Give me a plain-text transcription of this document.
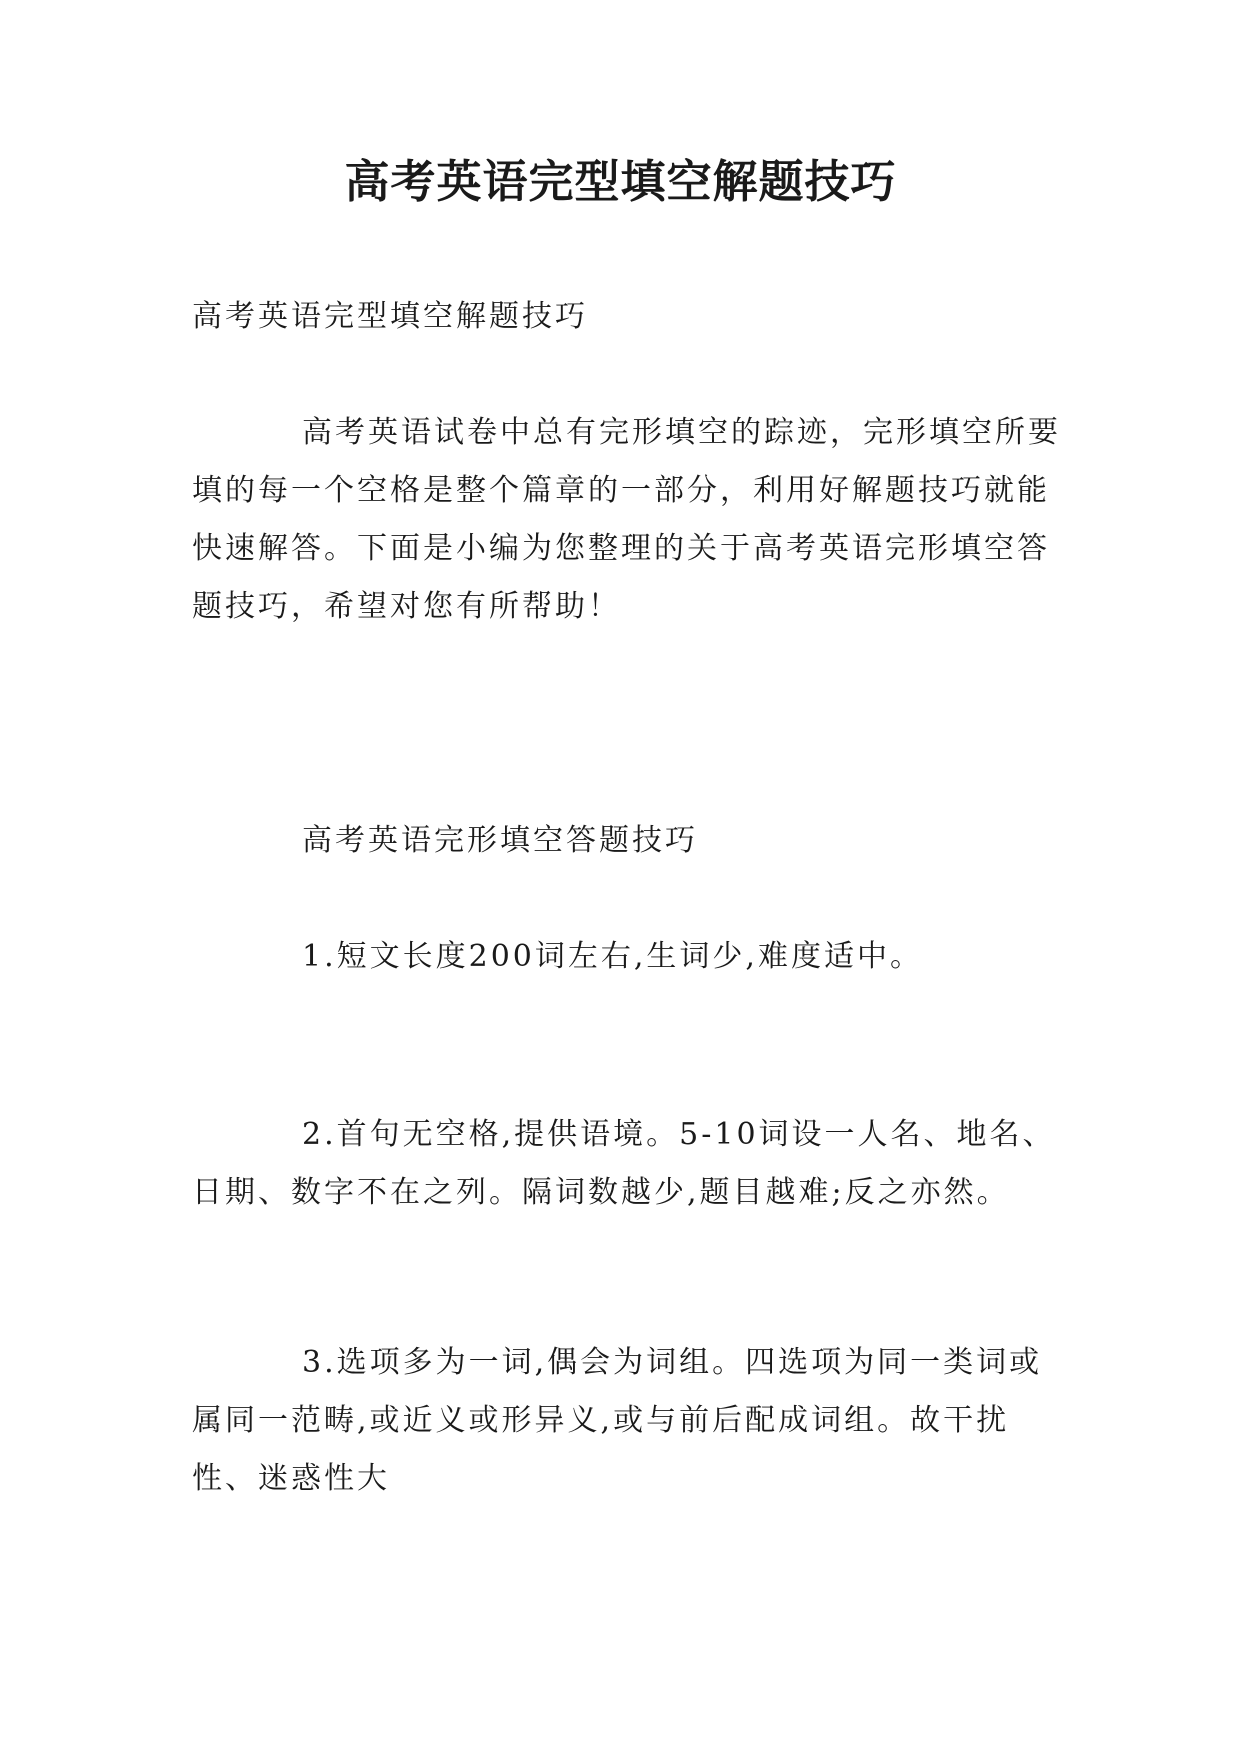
高考英语完型填空解题技巧

高考英语完型填空解题技巧

高考英语试卷中总有完形填空的踪迹，完形填空所要填的每一个空格是整个篇章的一部分，利用好解题技巧就能快速解答。下面是小编为您整理的关于高考英语完形填空答题技巧，希望对您有所帮助！

高考英语完形填空答题技巧

1.短文长度200词左右,生词少,难度适中。

2.首句无空格,提供语境。5-10词设一人名、地名、日期、数字不在之列。隔词数越少,题目越难;反之亦然。

3.选项多为一词,偶会为词组。四选项为同一类词或属同一范畴,或近义或形异义,或与前后配成词组。故干扰性、迷惑性大
